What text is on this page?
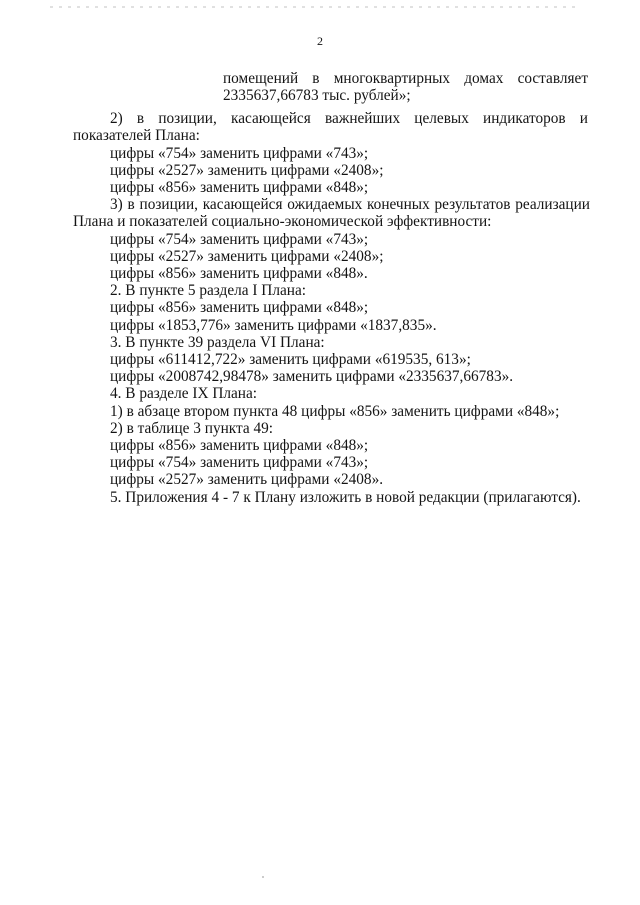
2

помещений в многоквартирных домах составляет

2335637,66783 тыс. рублей»;

2) в позиции, касающейся важнейших целевых индикаторов и

показателей Плана:

цифры «754» заменить цифрами «743»;

цифры «2527» заменить цифрами «2408»;

цифры «856» заменить цифрами «848»;

3) в позиции, касающейся ожидаемых конечных результатов реализации

Плана и показателей социально-экономической эффективности:

цифры «754» заменить цифрами «743»;

цифры «2527» заменить цифрами «2408»;

цифры «856» заменить цифрами «848».

2. В пункте 5 раздела I Плана:

цифры «856» заменить цифрами «848»;

цифры «1853,776» заменить цифрами «1837,835».

3. В пункте 39 раздела VI Плана:

цифры «611412,722» заменить цифрами «619535, 613»;

цифры «2008742,98478» заменить цифрами «2335637,66783».

4. В разделе IX Плана:

1) в абзаце втором пункта 48 цифры «856» заменить цифрами «848»;

2) в таблице 3 пункта 49:

цифры «856» заменить цифрами «848»;

цифры «754» заменить цифрами «743»;

цифры «2527» заменить цифрами «2408».

5. Приложения 4 - 7 к Плану изложить в новой редакции (прилагаются).
